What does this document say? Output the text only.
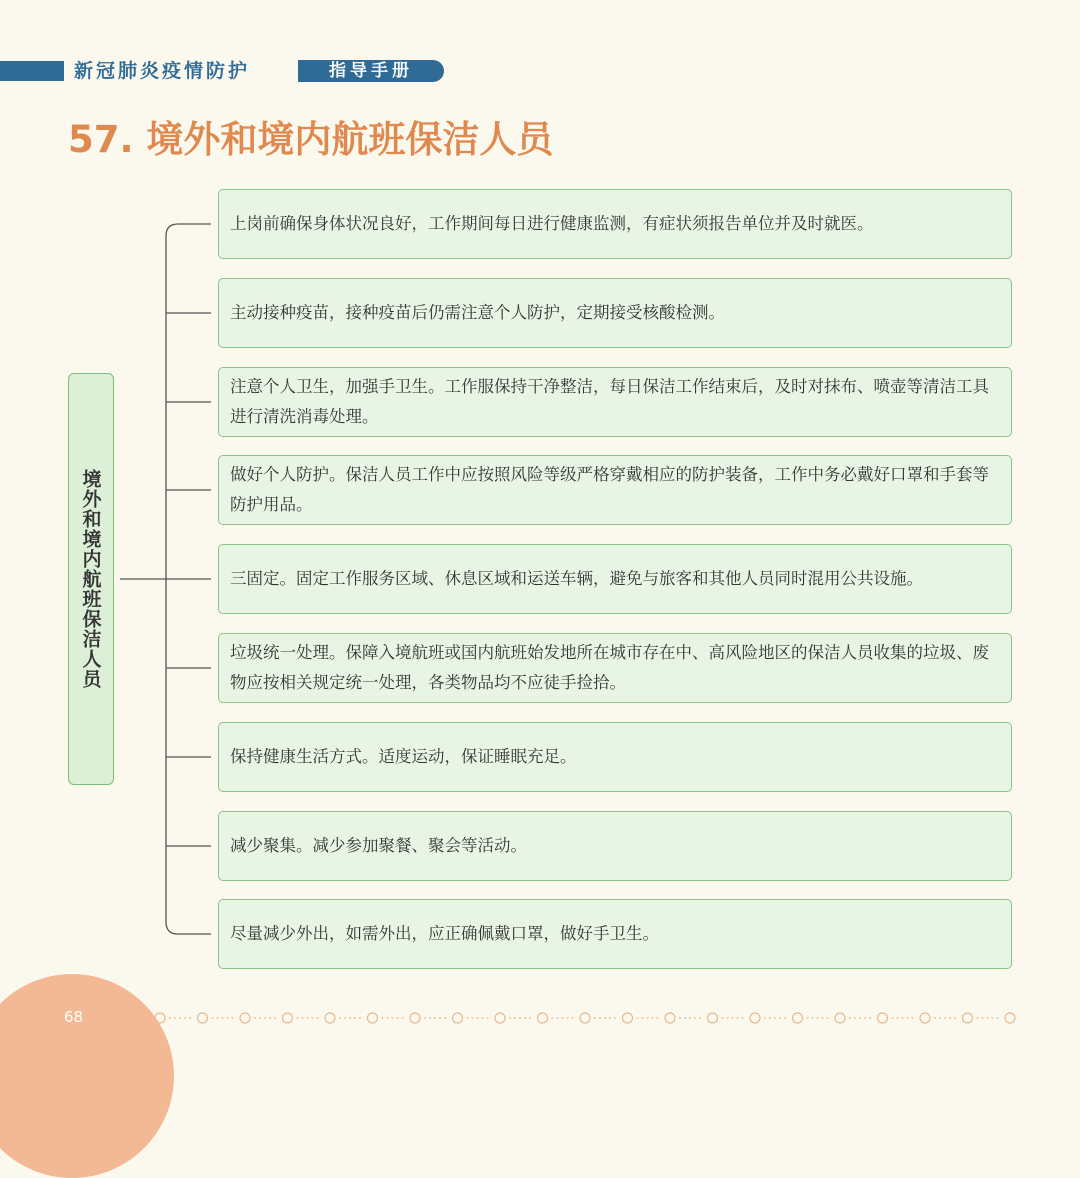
新冠肺炎疫情防护	指导手册
57. 境外和境内航班保洁人员
境外和境内航班保洁人员
上岗前确保身体状况良好，工作期间每日进行健康监测，有症状须报告单位并及时就医。
主动接种疫苗，接种疫苗后仍需注意个人防护，定期接受核酸检测。
注意个人卫生，加强手卫生。工作服保持干净整洁，每日保洁工作结束后，及时对抹布、喷壶等清洁工具进行清洗消毒处理。
做好个人防护。保洁人员工作中应按照风险等级严格穿戴相应的防护装备，工作中务必戴好口罩和手套等防护用品。
三固定。固定工作服务区域、休息区域和运送车辆，避免与旅客和其他人员同时混用公共设施。
垃圾统一处理。保障入境航班或国内航班始发地所在城市存在中、高风险地区的保洁人员收集的垃圾、废物应按相关规定统一处理，各类物品均不应徒手捡拾。
保持健康生活方式。适度运动，保证睡眠充足。
减少聚集。减少参加聚餐、聚会等活动。
尽量减少外出，如需外出，应正确佩戴口罩，做好手卫生。
68
